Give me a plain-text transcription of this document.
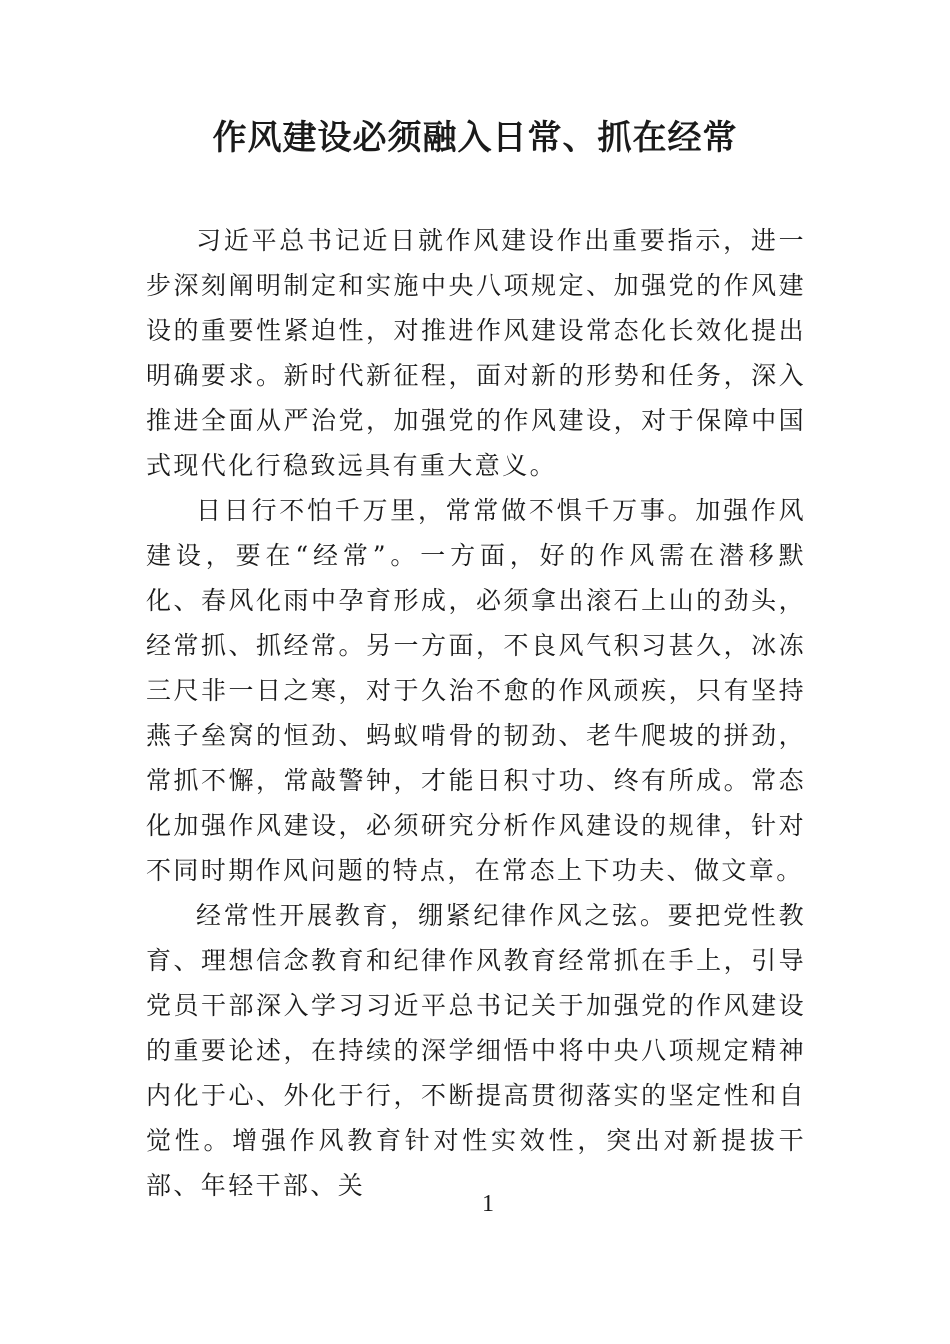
作风建设必须融入日常、抓在经常

习近平总书记近日就作风建设作出重要指示，进一步深刻阐明制定和实施中央八项规定、加强党的作风建设的重要性紧迫性，对推进作风建设常态化长效化提出明确要求。新时代新征程，面对新的形势和任务，深入推进全面从严治党，加强党的作风建设，对于保障中国式现代化行稳致远具有重大意义。

日日行不怕千万里，常常做不惧千万事。加强作风建设，要在“经常”。一方面，好的作风需在潜移默化、春风化雨中孕育形成，必须拿出滚石上山的劲头，经常抓、抓经常。另一方面，不良风气积习甚久，冰冻三尺非一日之寒，对于久治不愈的作风顽疾，只有坚持燕子垒窝的恒劲、蚂蚁啃骨的韧劲、老牛爬坡的拼劲，常抓不懈，常敲警钟，才能日积寸功、终有所成。常态化加强作风建设，必须研究分析作风建设的规律，针对不同时期作风问题的特点，在常态上下功夫、做文章。

经常性开展教育，绷紧纪律作风之弦。要把党性教育、理想信念教育和纪律作风教育经常抓在手上，引导党员干部深入学习习近平总书记关于加强党的作风建设的重要论述，在持续的深学细悟中将中央八项规定精神内化于心、外化于行，不断提高贯彻落实的坚定性和自觉性。增强作风教育针对性实效性，突出对新提拔干部、年轻干部、关

1
